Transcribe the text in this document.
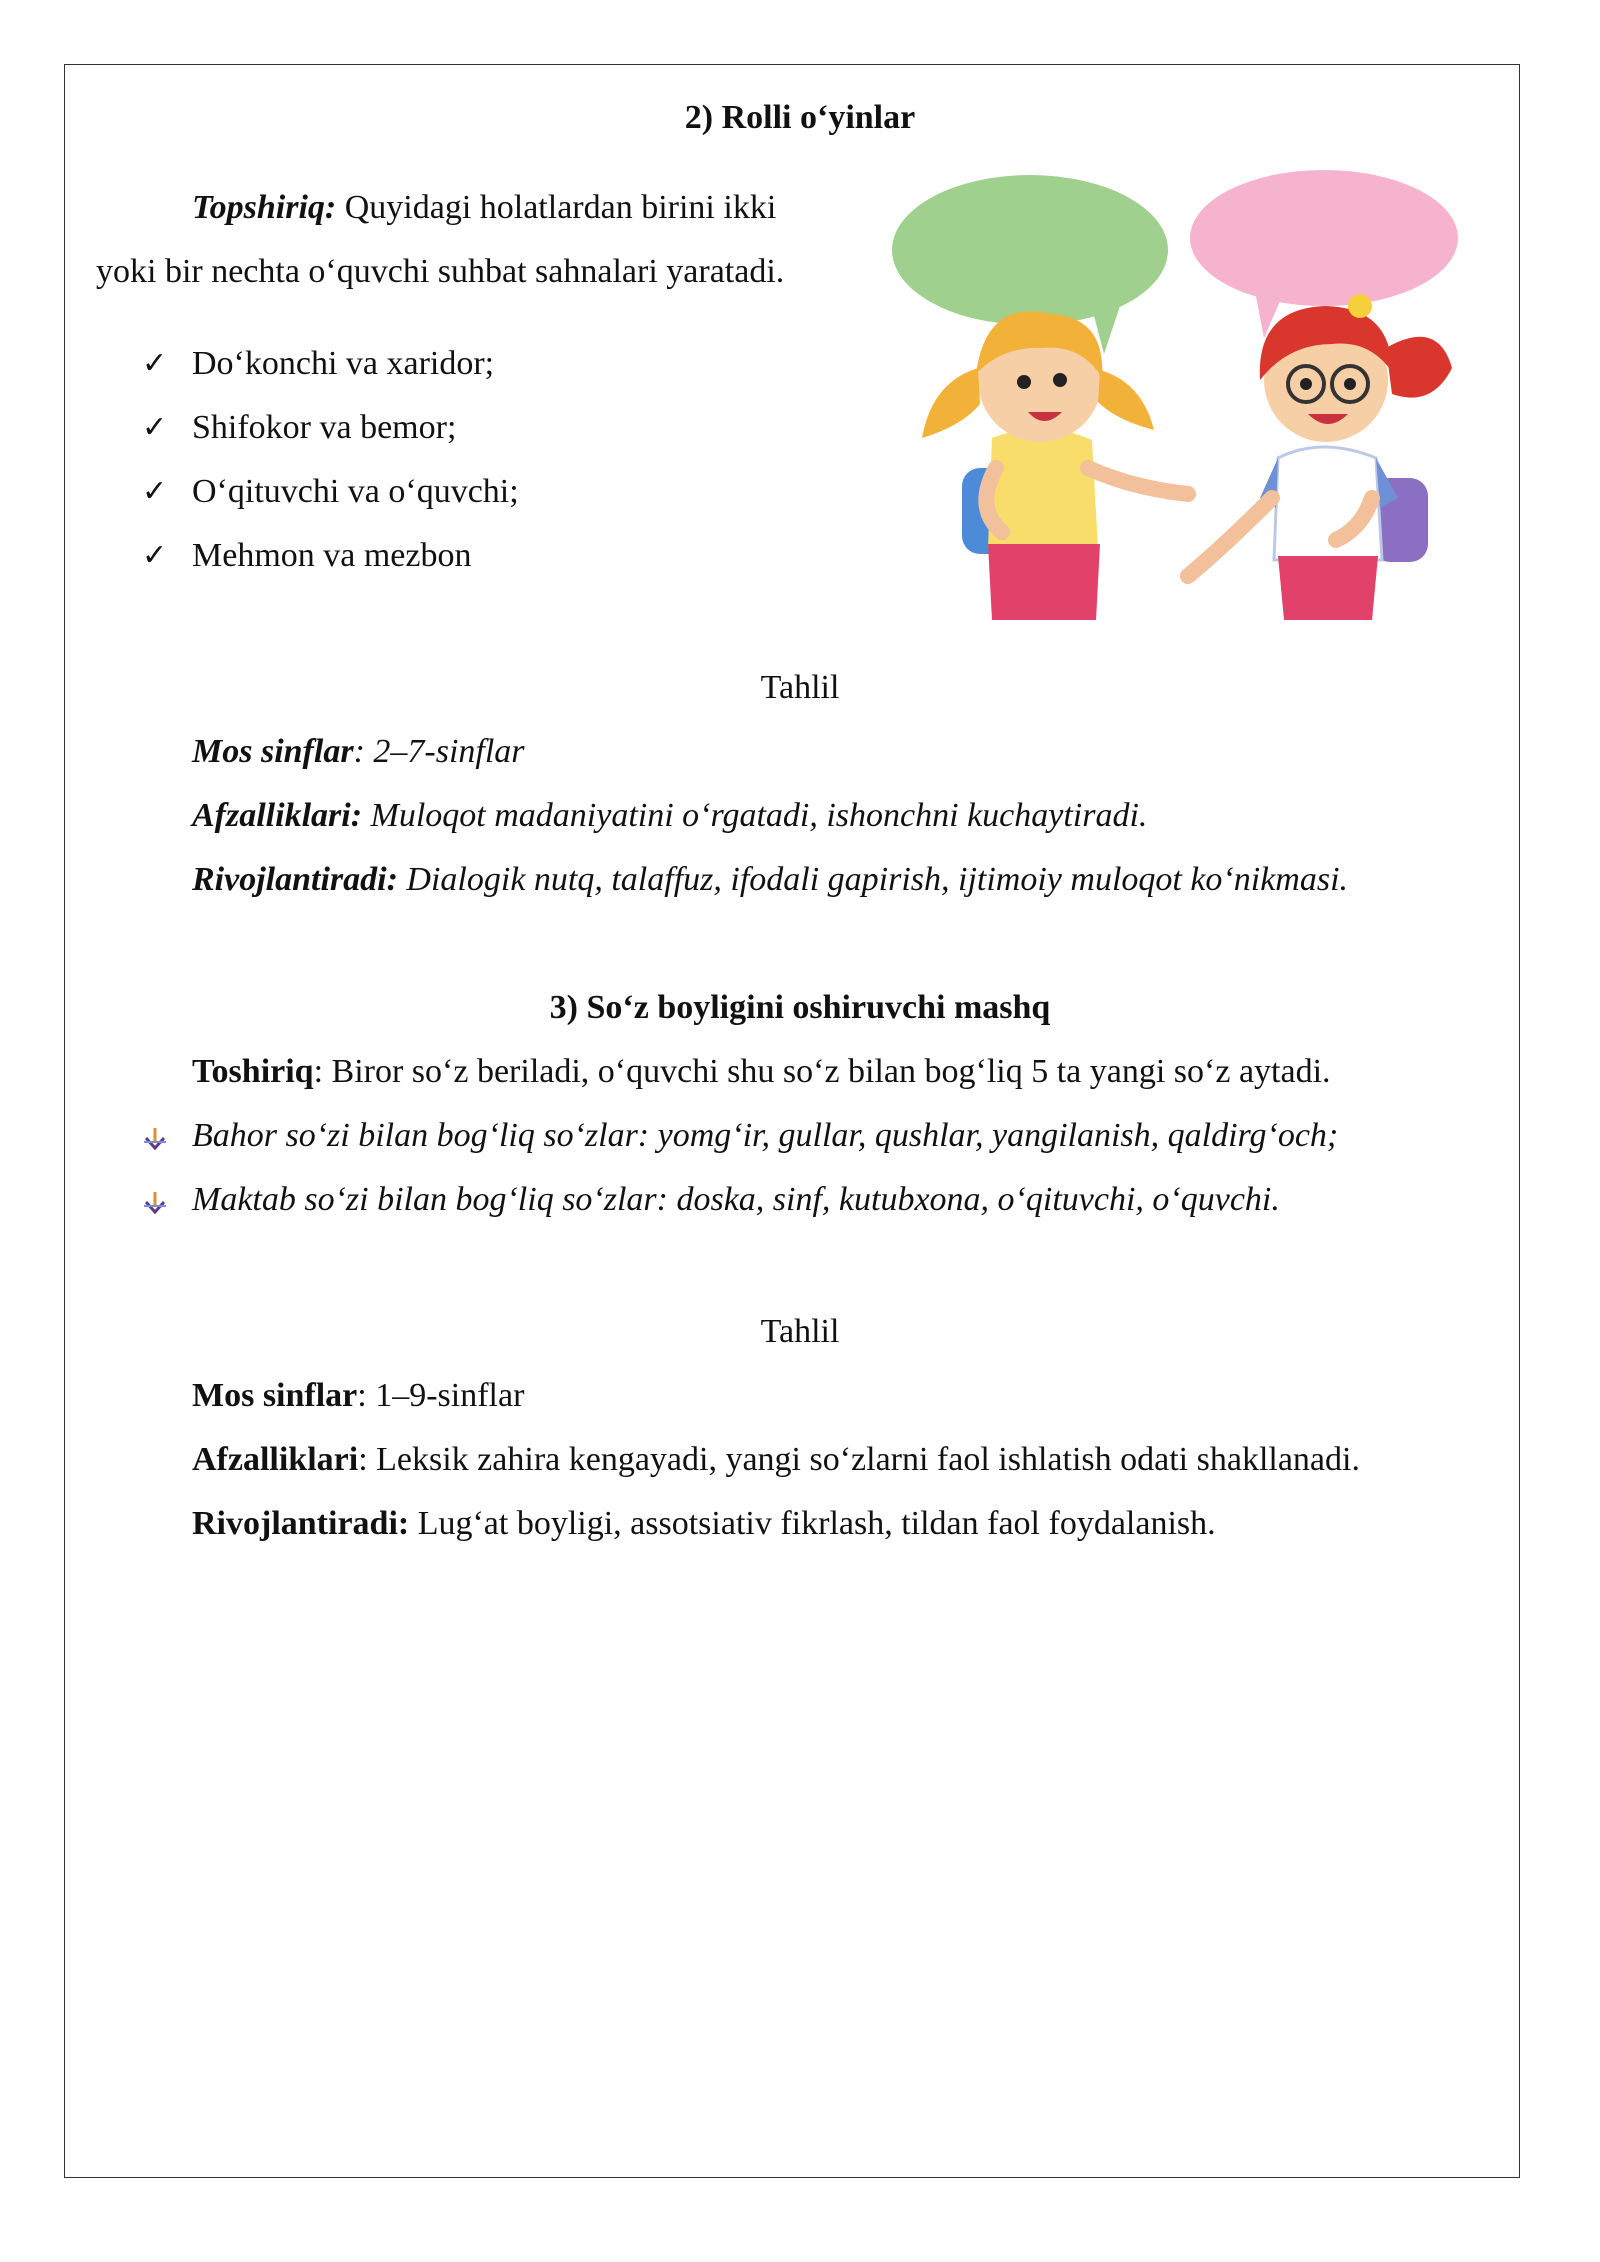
2) Rolli o‘yinlar
Topshiriq: Quyidagi holatlardan birini ikki
yoki bir nechta o‘quvchi suhbat sahnalari yaratadi.
✓ Do‘konchi va xaridor;
✓ Shifokor va bemor;
✓ O‘qituvchi va o‘quvchi;
✓ Mehmon va mezbon
Tahlil
Mos sinflar: 2–7-sinflar
Afzalliklari: Muloqot madaniyatini o‘rgatadi, ishonchni kuchaytiradi.
Rivojlantiradi: Dialogik nutq, talaffuz, ifodali gapirish, ijtimoiy muloqot ko‘nikmasi.
3) So‘z boyligini oshiruvchi mashq
Toshiriq: Biror so‘z beriladi, o‘quvchi shu so‘z bilan bog‘liq 5 ta yangi so‘z aytadi.
Bahor so‘zi bilan bog‘liq so‘zlar: yomg‘ir, gullar, qushlar, yangilanish, qaldirg‘och;
Maktab so‘zi bilan bog‘liq so‘zlar: doska, sinf, kutubxona, o‘qituvchi, o‘quvchi.
Tahlil
Mos sinflar: 1–9-sinflar
Afzalliklari: Leksik zahira kengayadi, yangi so‘zlarni faol ishlatish odati shakllanadi.
Rivojlantiradi: Lug‘at boyligi, assotsiativ fikrlash, tildan faol foydalanish.
